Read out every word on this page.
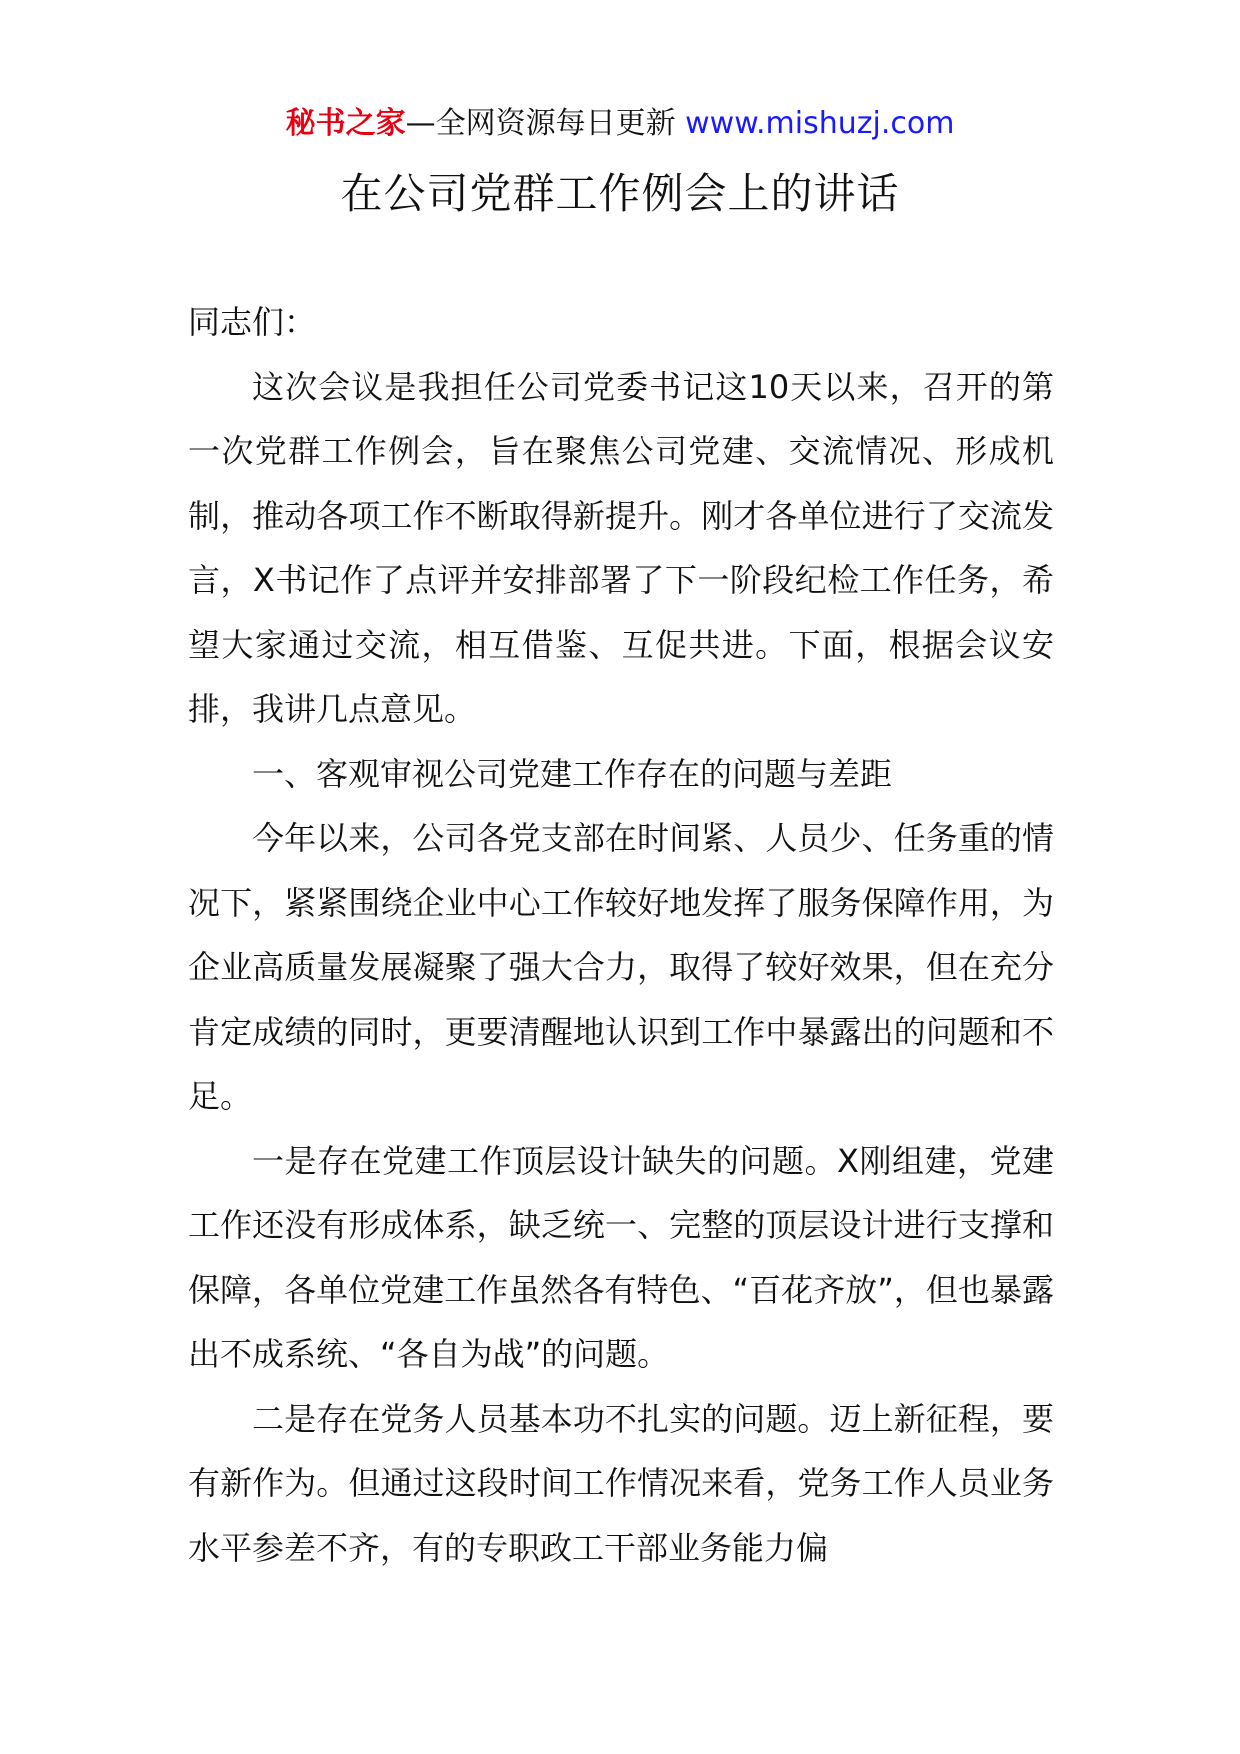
秘书之家—全网资源每日更新 www.mishuzj.com
在公司党群工作例会上的讲话

同志们：

这次会议是我担任公司党委书记这10天以来，召开的第一次党群工作例会，旨在聚焦公司党建、交流情况、形成机制，推动各项工作不断取得新提升。刚才各单位进行了交流发言，X书记作了点评并安排部署了下一阶段纪检工作任务，希望大家通过交流，相互借鉴、互促共进。下面，根据会议安排，我讲几点意见。

一、客观审视公司党建工作存在的问题与差距

今年以来，公司各党支部在时间紧、人员少、任务重的情况下，紧紧围绕企业中心工作较好地发挥了服务保障作用，为企业高质量发展凝聚了强大合力，取得了较好效果，但在充分肯定成绩的同时，更要清醒地认识到工作中暴露出的问题和不足。

一是存在党建工作顶层设计缺失的问题。X刚组建，党建工作还没有形成体系，缺乏统一、完整的顶层设计进行支撑和保障，各单位党建工作虽然各有特色、“百花齐放”，但也暴露出不成系统、“各自为战”的问题。

二是存在党务人员基本功不扎实的问题。迈上新征程，要有新作为。但通过这段时间工作情况来看，党务工作人员业务水平参差不齐，有的专职政工干部业务能力偏
